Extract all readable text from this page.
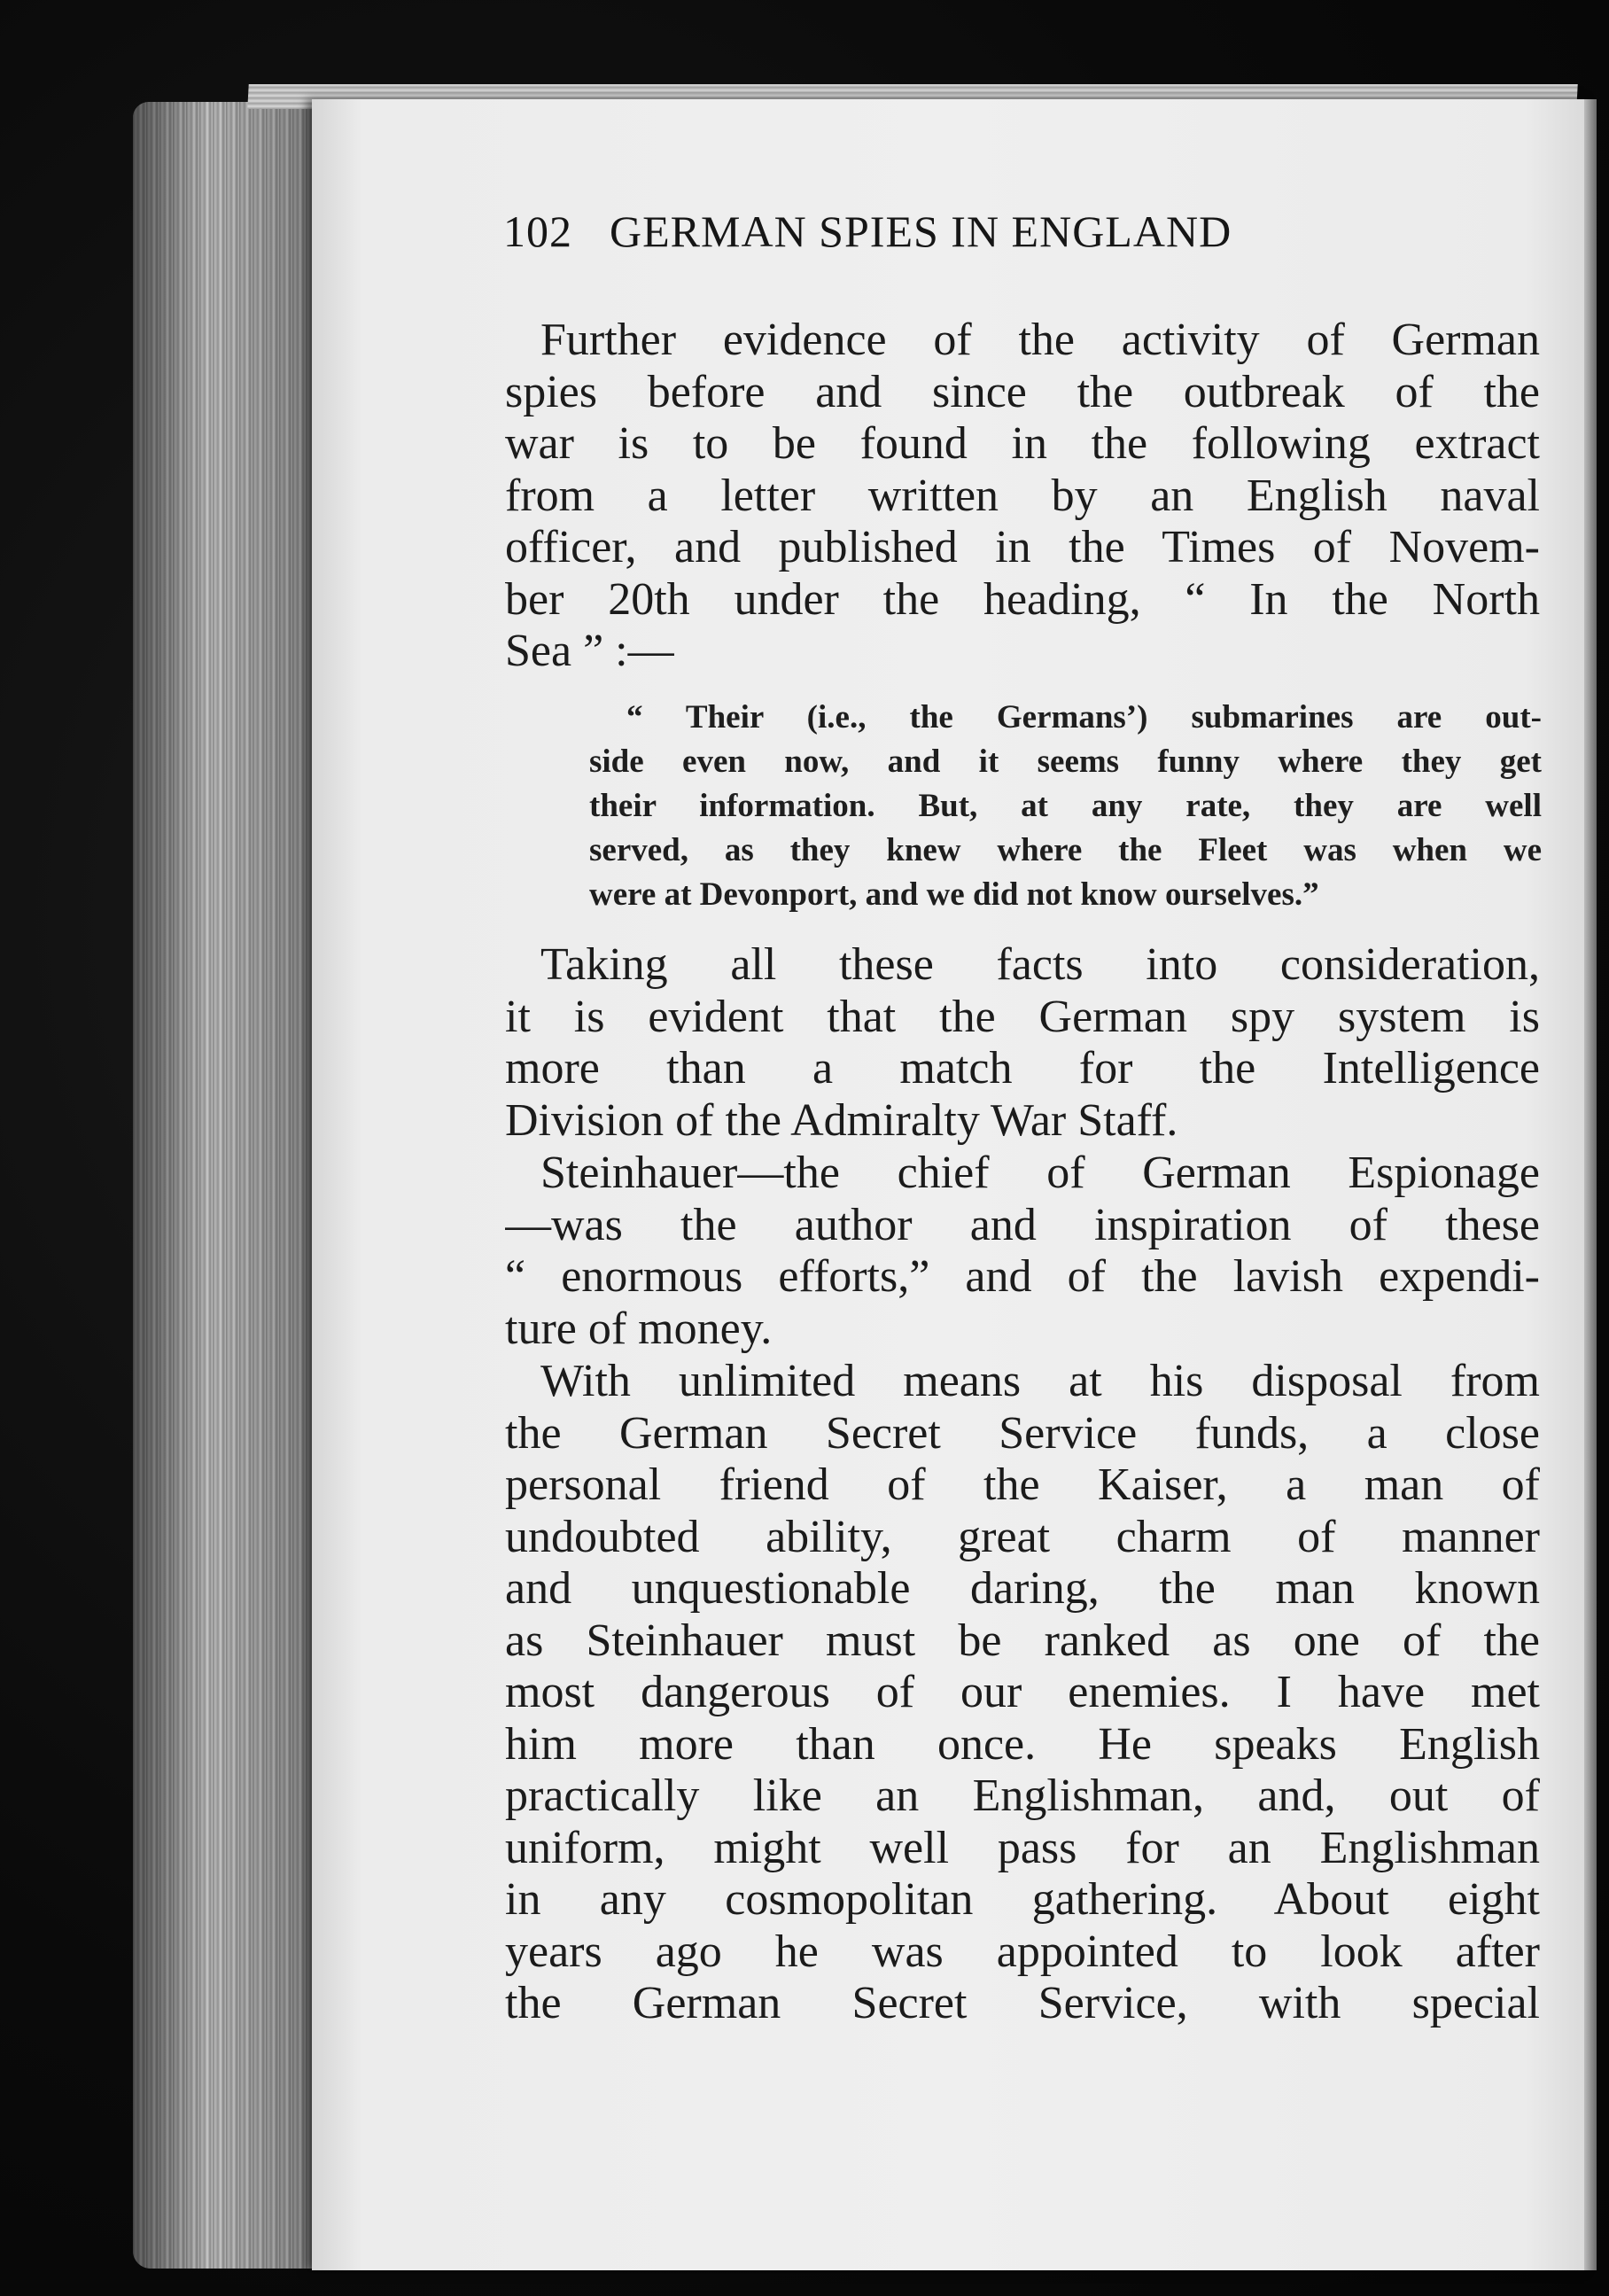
102 GERMAN SPIES IN ENGLAND
Further evidence of the activity of German
spies before and since the outbreak of the
war is to be found in the following extract
from a letter written by an English naval
officer, and published in the Times of Novem-
ber 20th under the heading, “ In the North
Sea ” :—
“ Their (i.e., the Germans’) submarines are out-
side even now, and it seems funny where they get
their information. But, at any rate, they are well
served, as they knew where the Fleet was when we
were at Devonport, and we did not know ourselves.”
Taking all these facts into consideration,
it is evident that the German spy system is
more than a match for the Intelligence
Division of the Admiralty War Staff.
Steinhauer—the chief of German Espionage
—was the author and inspiration of these
“ enormous efforts,” and of the lavish expendi-
ture of money.
With unlimited means at his disposal from
the German Secret Service funds, a close
personal friend of the Kaiser, a man of
undoubted ability, great charm of manner
and unquestionable daring, the man known
as Steinhauer must be ranked as one of the
most dangerous of our enemies. I have met
him more than once. He speaks English
practically like an Englishman, and, out of
uniform, might well pass for an Englishman
in any cosmopolitan gathering. About eight
years ago he was appointed to look after
the German Secret Service, with special
